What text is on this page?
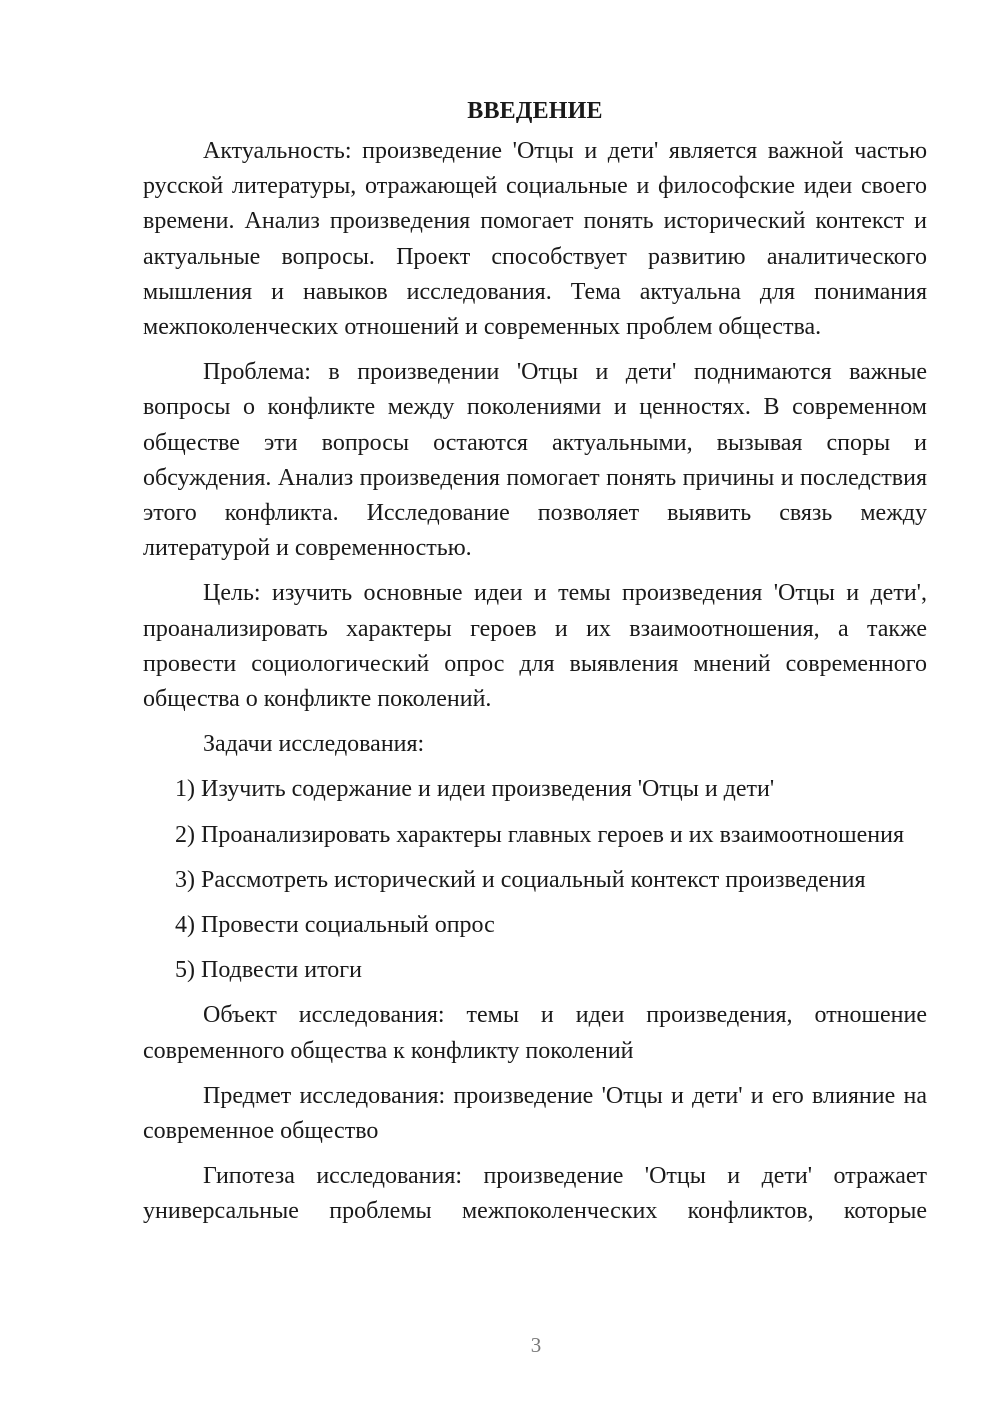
ВВЕДЕНИЕ

Актуальность: произведение 'Отцы и дети' является важной частью русской литературы, отражающей социальные и философские идеи своего времени. Анализ произведения помогает понять исторический контекст и актуальные вопросы. Проект способствует развитию аналитического мышления и навыков исследования. Тема актуальна для понимания межпоколенческих отношений и современных проблем общества.

Проблема: в произведении 'Отцы и дети' поднимаются важные вопросы о конфликте между поколениями и ценностях. В современном обществе эти вопросы остаются актуальными, вызывая споры и обсуждения. Анализ произведения помогает понять причины и последствия этого конфликта. Исследование позволяет выявить связь между литературой и современностью.

Цель: изучить основные идеи и темы произведения 'Отцы и дети', проанализировать характеры героев и их взаимоотношения, а также провести социологический опрос для выявления мнений современного общества о конфликте поколений.

Задачи исследования:

1) Изучить содержание и идеи произведения 'Отцы и дети'

2) Проанализировать характеры главных героев и их взаимоотношения

3) Рассмотреть исторический и социальный контекст произведения

4) Провести социальный опрос

5) Подвести итоги

Объект исследования: темы и идеи произведения, отношение современного общества к конфликту поколений

Предмет исследования: произведение 'Отцы и дети' и его влияние на современное общество

Гипотеза исследования: произведение 'Отцы и дети' отражает универсальные проблемы межпоколенческих конфликтов, которые

3
